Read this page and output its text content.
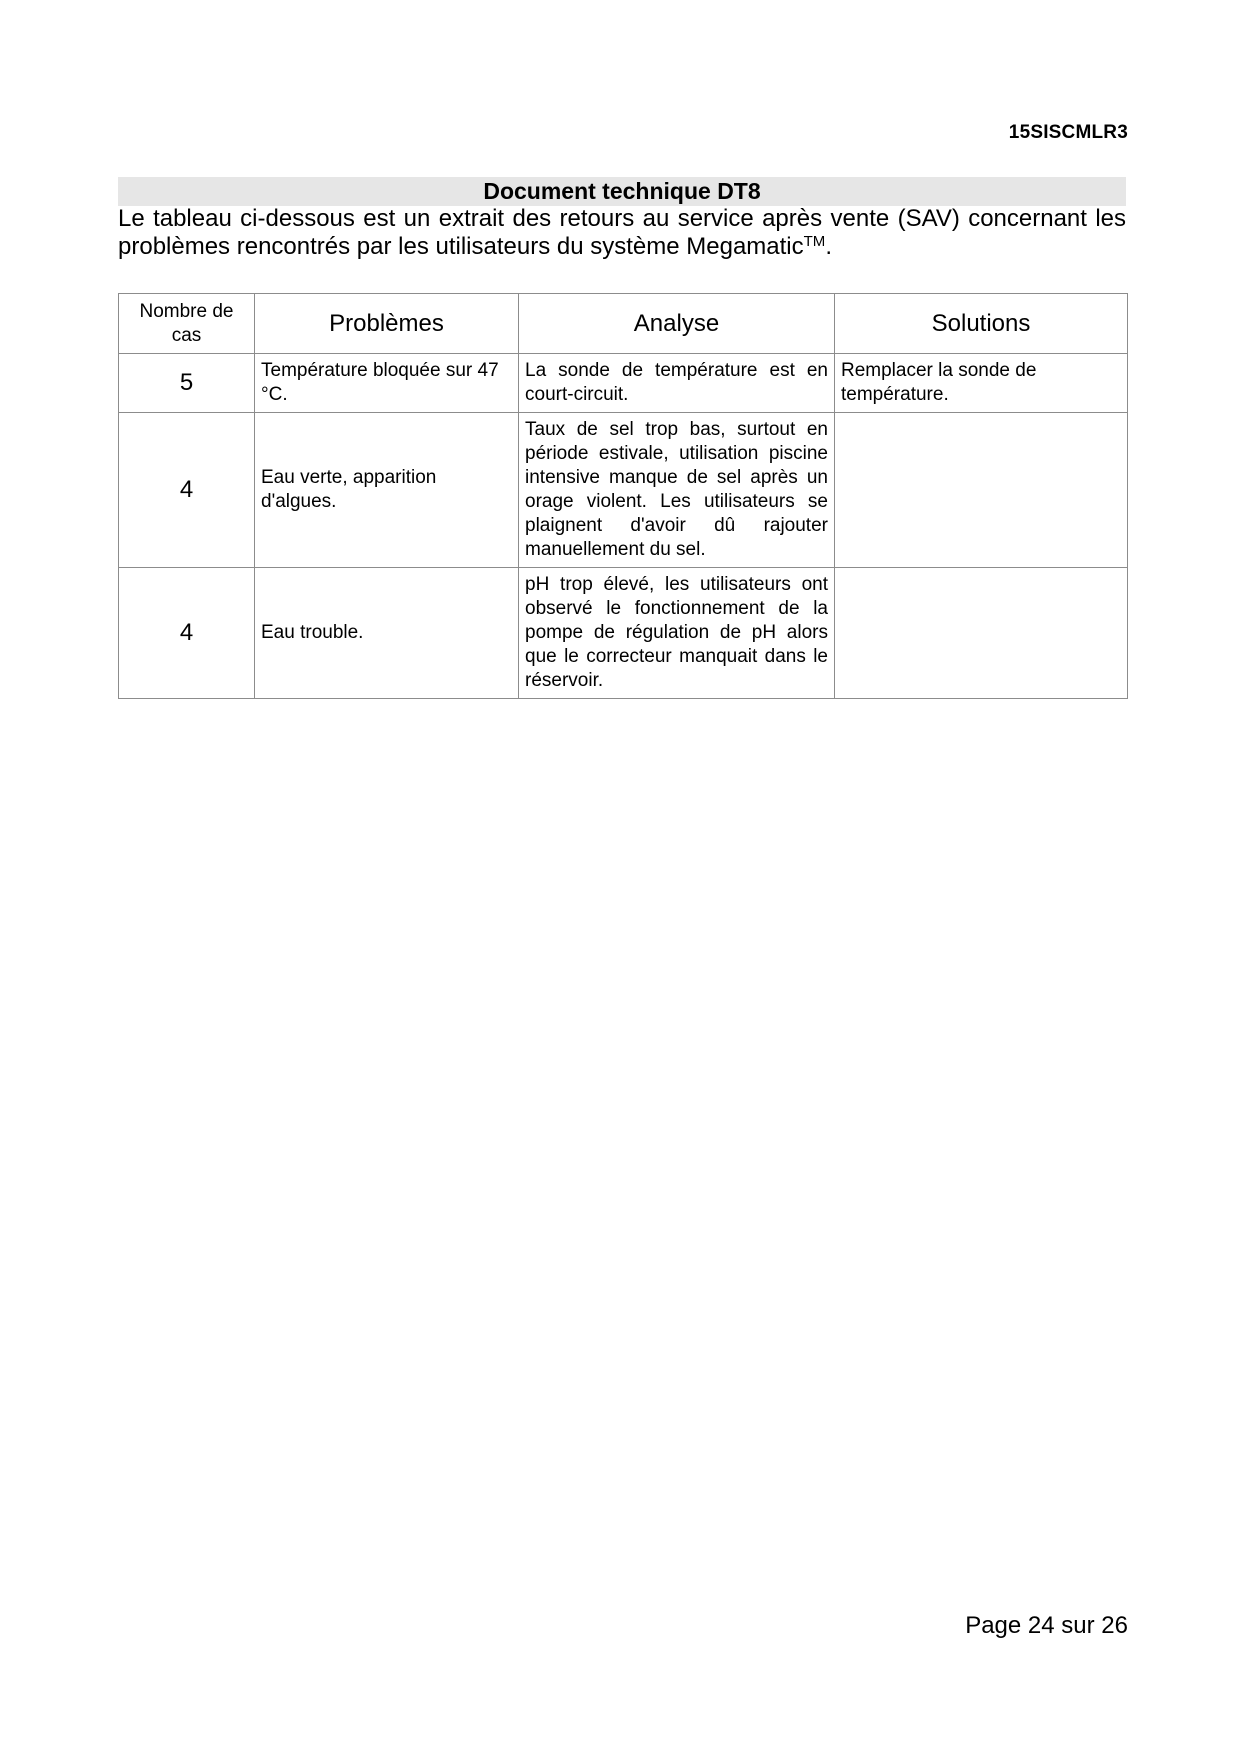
15SISCMLR3
Document technique DT8
Le tableau ci-dessous est un extrait des retours au service après vente (SAV) concernant les problèmes rencontrés par les utilisateurs du système Megamatic™.
Nombre de cas	Problèmes	Analyse	Solutions
5	Température bloquée sur 47 °C.	La sonde de température est en court-circuit.	Remplacer la sonde de température.
4	Eau verte, apparition d'algues.	Taux de sel trop bas, surtout en période estivale, utilisation piscine intensive manque de sel après un orage violent. Les utilisateurs se plaignent d'avoir dû rajouter manuellement du sel.	
4	Eau trouble.	pH trop élevé, les utilisateurs ont observé le fonctionnement de la pompe de régulation de pH alors que le correcteur manquait dans le réservoir.	
Page 24 sur 26
